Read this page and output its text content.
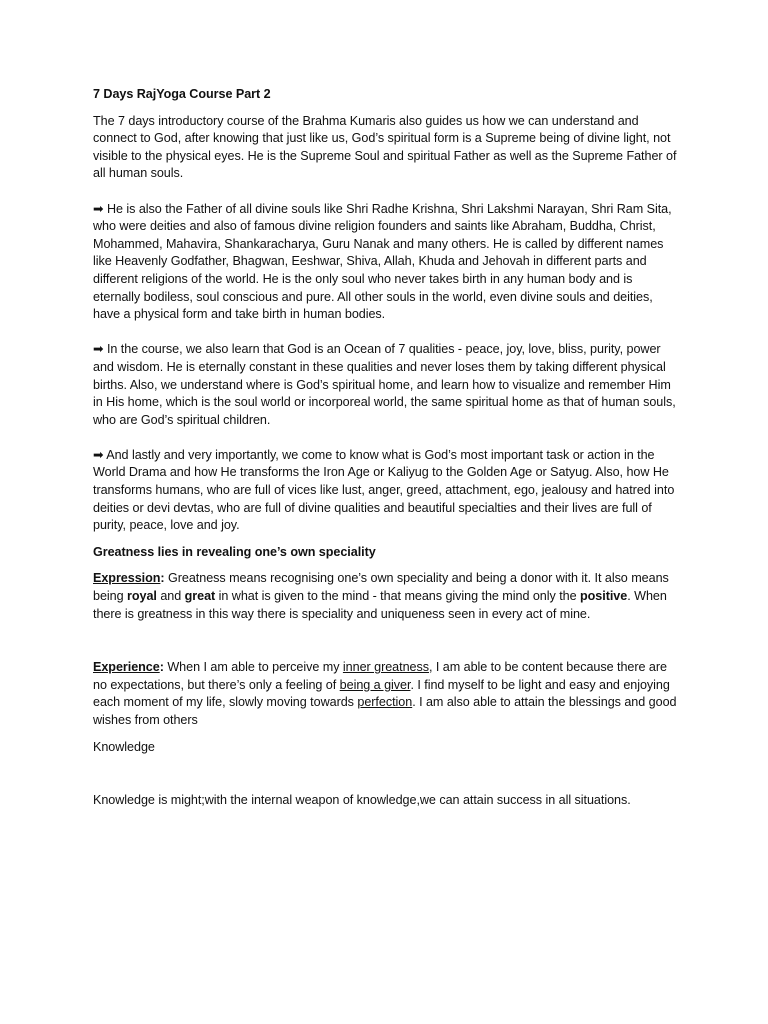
7 Days RajYoga Course Part 2

The 7 days introductory course of the Brahma Kumaris also guides us how we can understand and connect to God, after knowing that just like us, God’s spiritual form is a Supreme being of divine light, not visible to the physical eyes. He is the Supreme Soul and spiritual Father as well as the Supreme Father of all human souls.

➡ He is also the Father of all divine souls like Shri Radhe Krishna, Shri Lakshmi Narayan, Shri Ram Sita, who were deities and also of famous divine religion founders and saints like Abraham, Buddha, Christ, Mohammed, Mahavira, Shankaracharya, Guru Nanak and many others. He is called by different names like Heavenly Godfather, Bhagwan, Eeshwar, Shiva, Allah, Khuda and Jehovah in different parts and different religions of the world. He is the only soul who never takes birth in any human body and is eternally bodiless, soul conscious and pure. All other souls in the world, even divine souls and deities, have a physical form and take birth in human bodies.

➡ In the course, we also learn that God is an Ocean of 7 qualities - peace, joy, love, bliss, purity, power and wisdom. He is eternally constant in these qualities and never loses them by taking different physical births. Also, we understand where is God’s spiritual home, and learn how to visualize and remember Him in His home, which is the soul world or incorporeal world, the same spiritual home as that of human souls, who are God’s spiritual children.

➡ And lastly and very importantly, we come to know what is God’s most important task or action in the World Drama and how He transforms the Iron Age or Kaliyug to the Golden Age or Satyug. Also, how He transforms humans, who are full of vices like lust, anger, greed, attachment, ego, jealousy and hatred into deities or devi devtas, who are full of divine qualities and beautiful specialties and their lives are full of purity, peace, love and joy.

Greatness lies in revealing one’s own speciality

Expression: Greatness means recognising one’s own speciality and being a donor with it. It also means being royal and great in what is given to the mind - that means giving the mind only the positive. When there is greatness in this way there is speciality and uniqueness seen in every act of mine.

Experience: When I am able to perceive my inner greatness, I am able to be content because there are no expectations, but there’s only a feeling of being a giver. I find myself to be light and easy and enjoying each moment of my life, slowly moving towards perfection. I am also able to attain the blessings and good wishes from others

Knowledge

Knowledge is might;with the internal weapon of knowledge,we can attain success in all situations.
